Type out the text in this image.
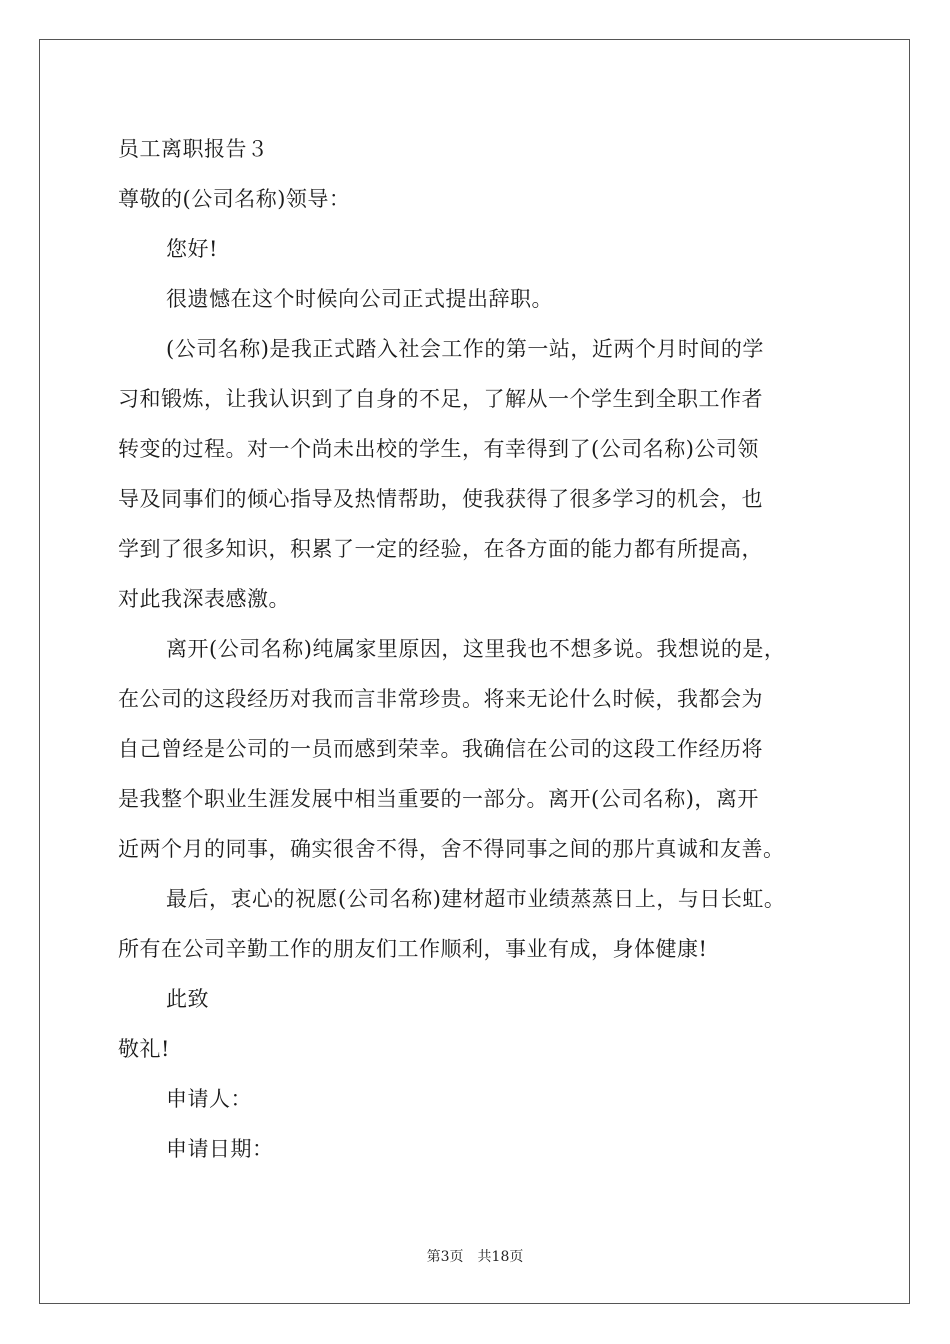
员工离职报告３
尊敬的(公司名称)领导：
您好!
很遗憾在这个时候向公司正式提出辞职。
(公司名称)是我正式踏入社会工作的第一站，近两个月时间的学
习和锻炼，让我认识到了自身的不足，了解从一个学生到全职工作者
转变的过程。对一个尚未出校的学生，有幸得到了(公司名称)公司领
导及同事们的倾心指导及热情帮助，使我获得了很多学习的机会，也
学到了很多知识，积累了一定的经验，在各方面的能力都有所提高，
对此我深表感激。
离开(公司名称)纯属家里原因，这里我也不想多说。我想说的是，
在公司的这段经历对我而言非常珍贵。将来无论什么时候，我都会为
自己曾经是公司的一员而感到荣幸。我确信在公司的这段工作经历将
是我整个职业生涯发展中相当重要的一部分。离开(公司名称)，离开
近两个月的同事，确实很舍不得，舍不得同事之间的那片真诚和友善。
最后，衷心的祝愿(公司名称)建材超市业绩蒸蒸日上，与日长虹。
所有在公司辛勤工作的朋友们工作顺利，事业有成，身体健康!
此致
敬礼!
申请人：
申请日期：
第3页 共18页
